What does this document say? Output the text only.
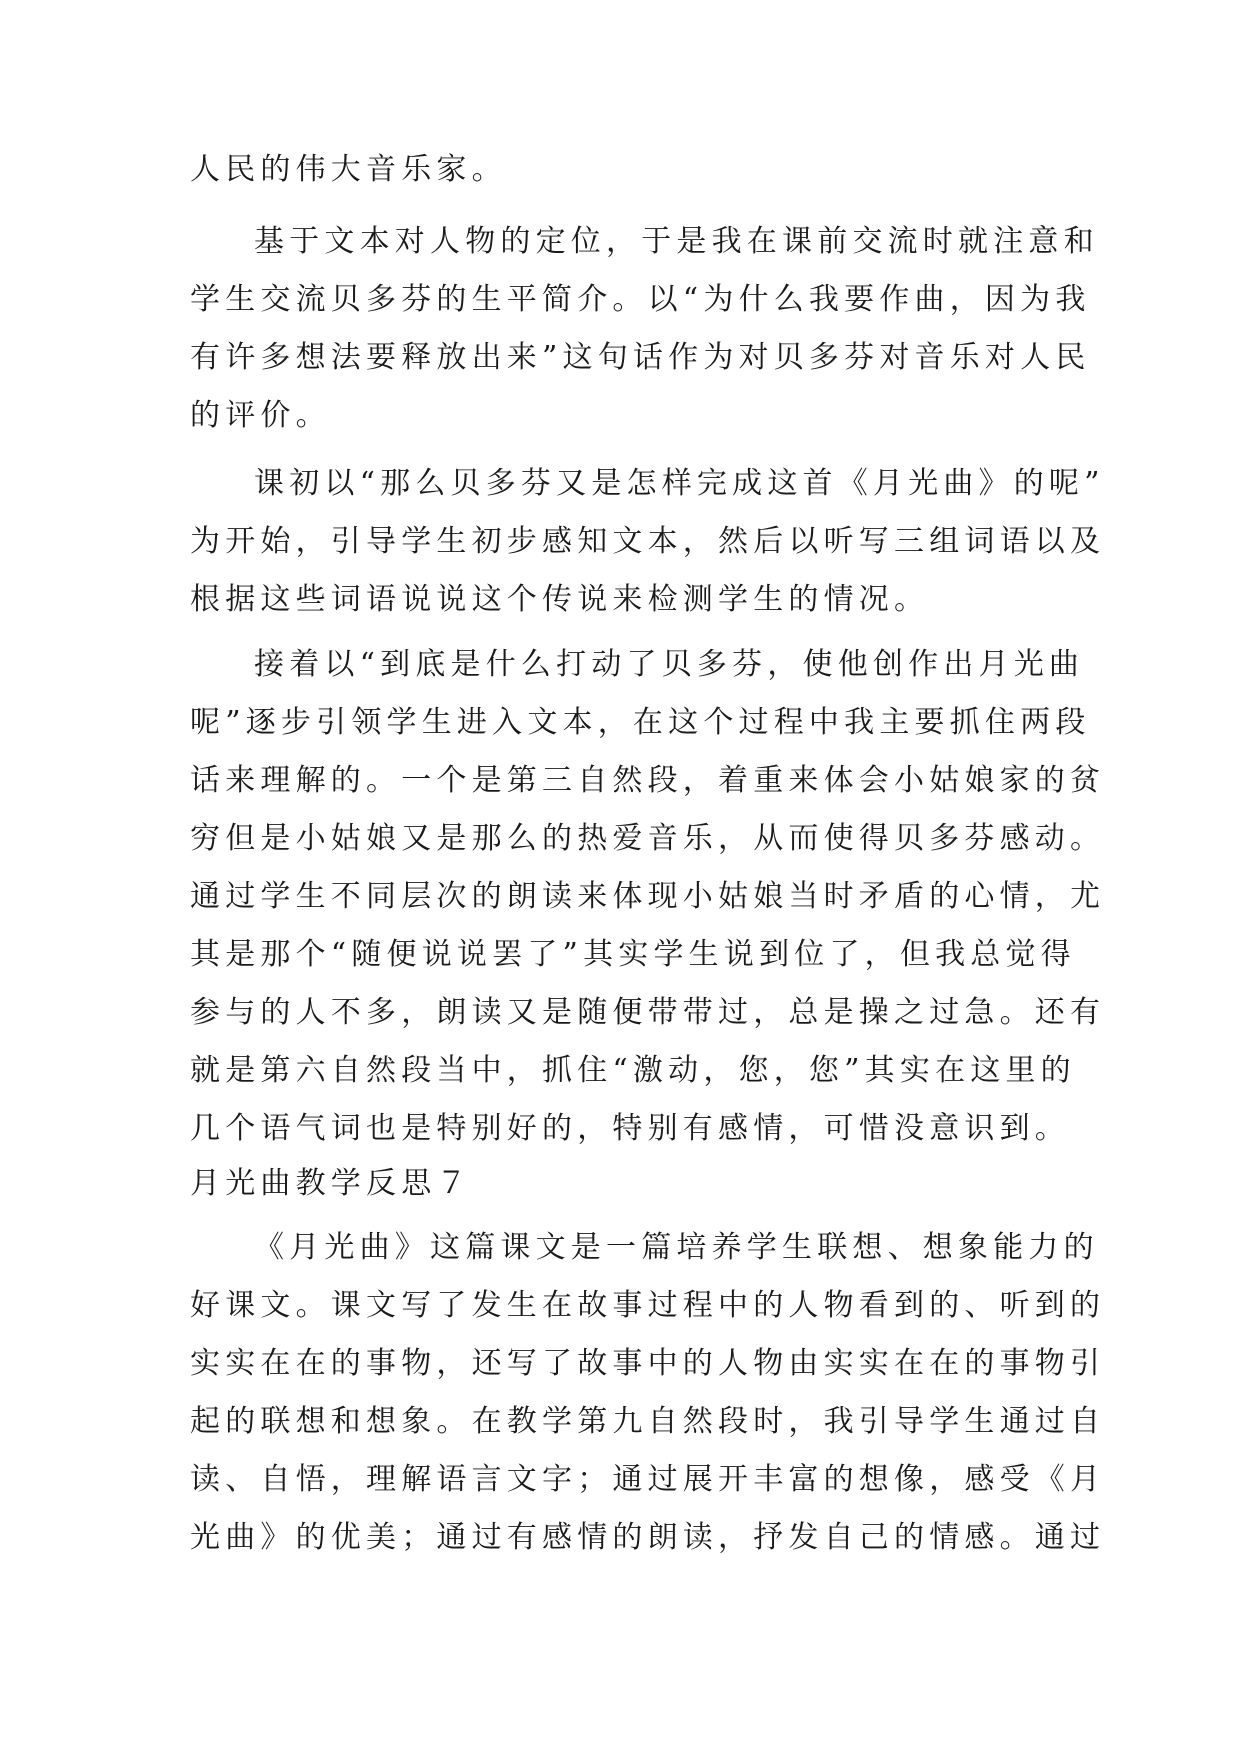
人民的伟大音乐家。
基于文本对人物的定位，于是我在课前交流时就注意和
学生交流贝多芬的生平简介。以“为什么我要作曲，因为我
有许多想法要释放出来”这句话作为对贝多芬对音乐对人民
的评价。
课初以“那么贝多芬又是怎样完成这首《月光曲》的呢”
为开始，引导学生初步感知文本，然后以听写三组词语以及
根据这些词语说说这个传说来检测学生的情况。
接着以“到底是什么打动了贝多芬，使他创作出月光曲
呢”逐步引领学生进入文本，在这个过程中我主要抓住两段
话来理解的。一个是第三自然段，着重来体会小姑娘家的贫
穷但是小姑娘又是那么的热爱音乐，从而使得贝多芬感动。
通过学生不同层次的朗读来体现小姑娘当时矛盾的心情，尤
其是那个“随便说说罢了”其实学生说到位了，但我总觉得
参与的人不多，朗读又是随便带带过，总是操之过急。还有
就是第六自然段当中，抓住“激动，您，您”其实在这里的
几个语气词也是特别好的，特别有感情，可惜没意识到。
月光曲教学反思７
《月光曲》这篇课文是一篇培养学生联想、想象能力的
好课文。课文写了发生在故事过程中的人物看到的、听到的
实实在在的事物，还写了故事中的人物由实实在在的事物引
起的联想和想象。在教学第九自然段时，我引导学生通过自
读、自悟，理解语言文字；通过展开丰富的想像，感受《月
光曲》的优美；通过有感情的朗读，抒发自己的情感。通过
